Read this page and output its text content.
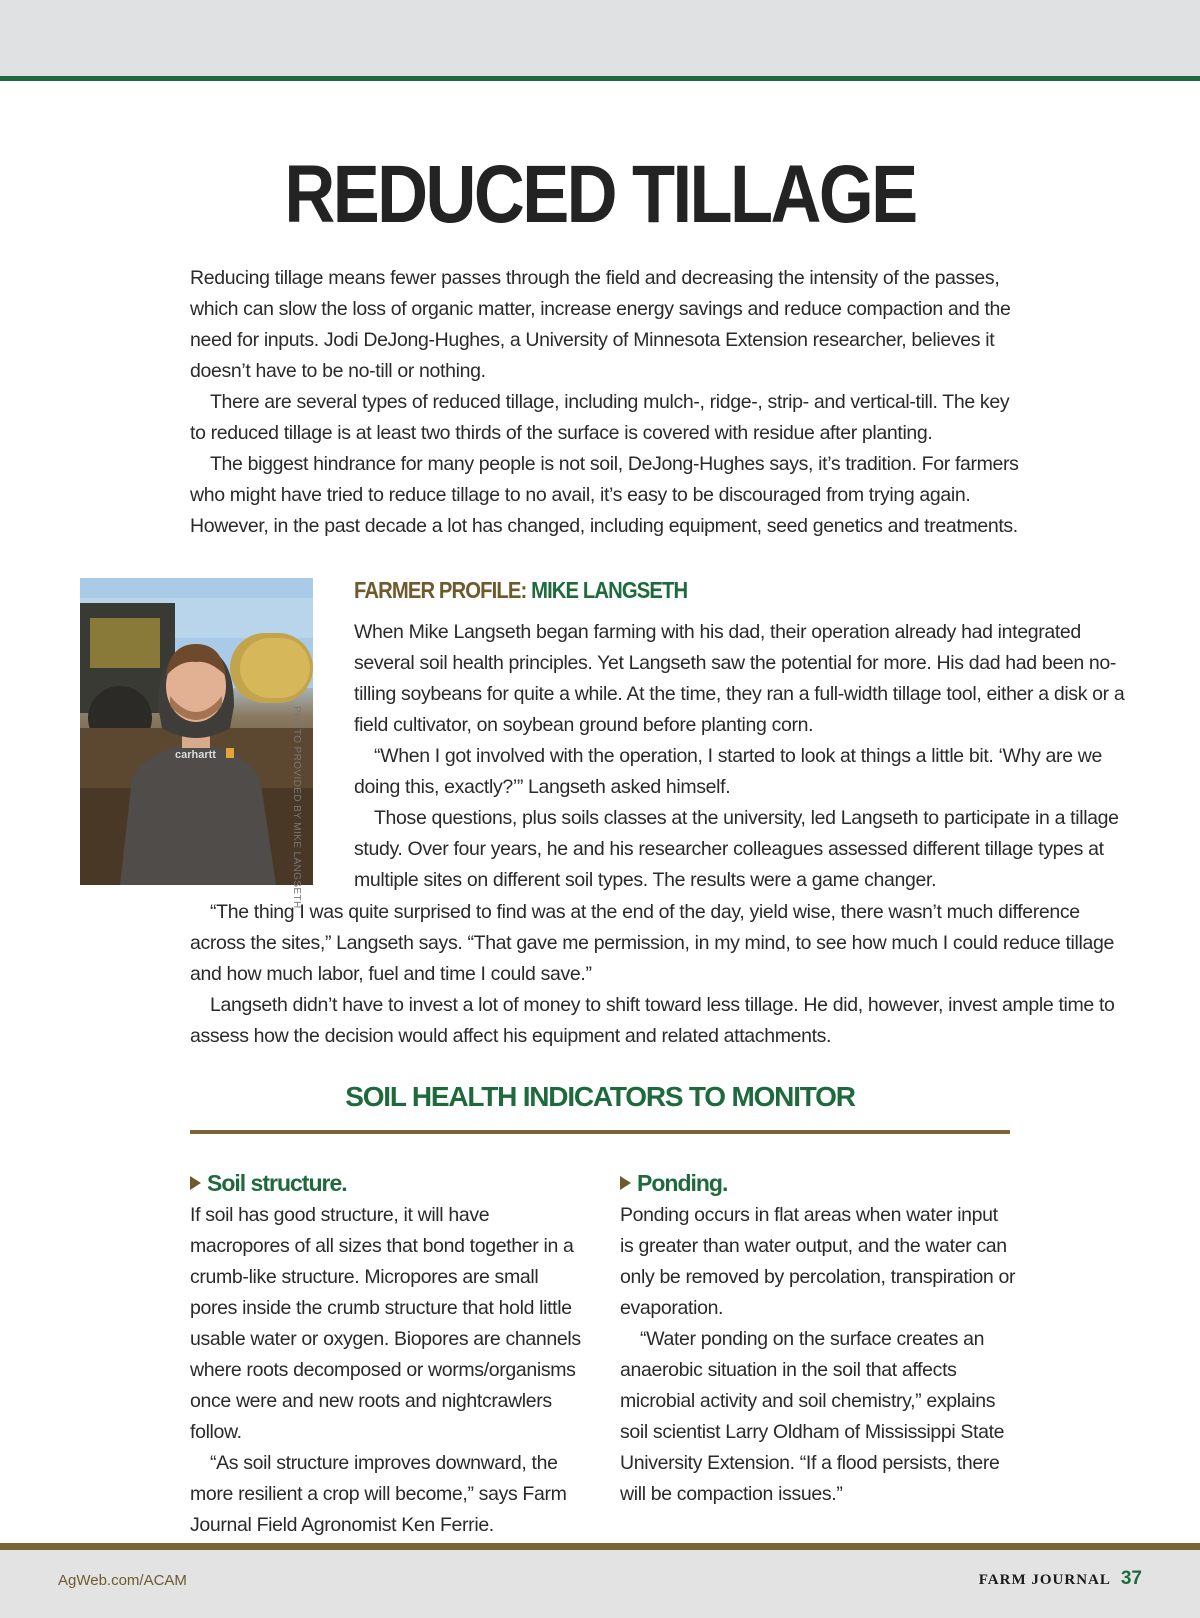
REDUCED TILLAGE

Reducing tillage means fewer passes through the field and decreasing the intensity of the passes, which can slow the loss of organic matter, increase energy savings and reduce compaction and the need for inputs. Jodi DeJong-Hughes, a University of Minnesota Extension researcher, believes it doesn’t have to be no-till or nothing.

There are several types of reduced tillage, including mulch-, ridge-, strip- and vertical-till. The key to reduced tillage is at least two thirds of the surface is covered with residue after planting.

The biggest hindrance for many people is not soil, DeJong-Hughes says, it’s tradition. For farmers who might have tried to reduce tillage to no avail, it’s easy to be discouraged from trying again. However, in the past decade a lot has changed, including equipment, seed genetics and treatments.

carhartt	PHOTO PROVIDED BY MIKE LANGSETH
FARMER PROFILE: MIKE LANGSETH

When Mike Langseth began farming with his dad, their operation already had integrated several soil health principles. Yet Langseth saw the potential for more. His dad had been no-tilling soybeans for quite a while. At the time, they ran a full-width tillage tool, either a disk or a field cultivator, on soybean ground before planting corn.

“When I got involved with the operation, I started to look at things a little bit. ‘Why are we doing this, exactly?’” Langseth asked himself.

Those questions, plus soils classes at the university, led Langseth to participate in a tillage study. Over four years, he and his researcher colleagues assessed different tillage types at multiple sites on different soil types. The results were a game changer.

“The thing I was quite surprised to find was at the end of the day, yield wise, there wasn’t much difference across the sites,” Langseth says. “That gave me permission, in my mind, to see how much I could reduce tillage and how much labor, fuel and time I could save.”

Langseth didn’t have to invest a lot of money to shift toward less tillage. He did, however, invest ample time to assess how the decision would affect his equipment and related attachments.

SOIL HEALTH INDICATORS TO MONITOR
Soil structure.

If soil has good structure, it will have macropores of all sizes that bond together in a crumb-like structure. Micropores are small pores inside the crumb structure that hold little usable water or oxygen. Biopores are channels where roots decomposed or worms/organisms once were and new roots and nightcrawlers follow.

“As soil structure improves downward, the more resilient a crop will become,” says Farm Journal Field Agronomist Ken Ferrie.

Ponding.

Ponding occurs in flat areas when water input is greater than water output, and the water can only be removed by percolation, transpiration or evaporation.

“Water ponding on the surface creates an anaerobic situation in the soil that affects microbial activity and soil chemistry,” explains soil scientist Larry Oldham of Mississippi State University Extension. “If a flood persists, there will be compaction issues.”

AgWeb.com/ACAM	FARM JOURNAL 37
